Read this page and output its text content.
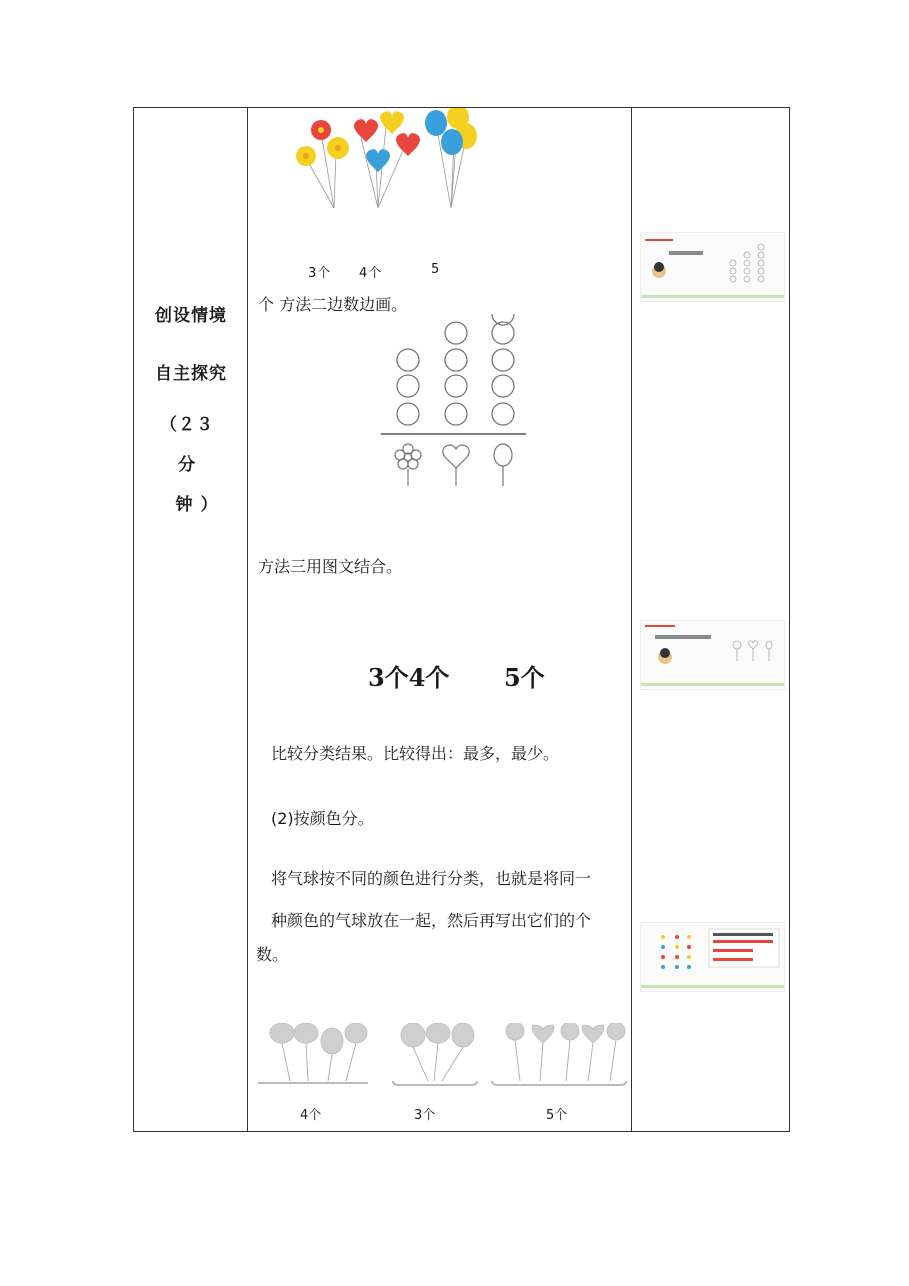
创设情境
自主探究
（２３
分
钟 ）
3个 4个	5
个 方法二边数边画。
方法三用图文结合。
3个4个 5个
比较分类结果。比较得出：最多，最少。
(2)按颜色分。
将气球按不同的颜色进行分类，也就是将同一
种颜色的气球放在一起，然后再写出它们的个
数。
4个	3个	5个
